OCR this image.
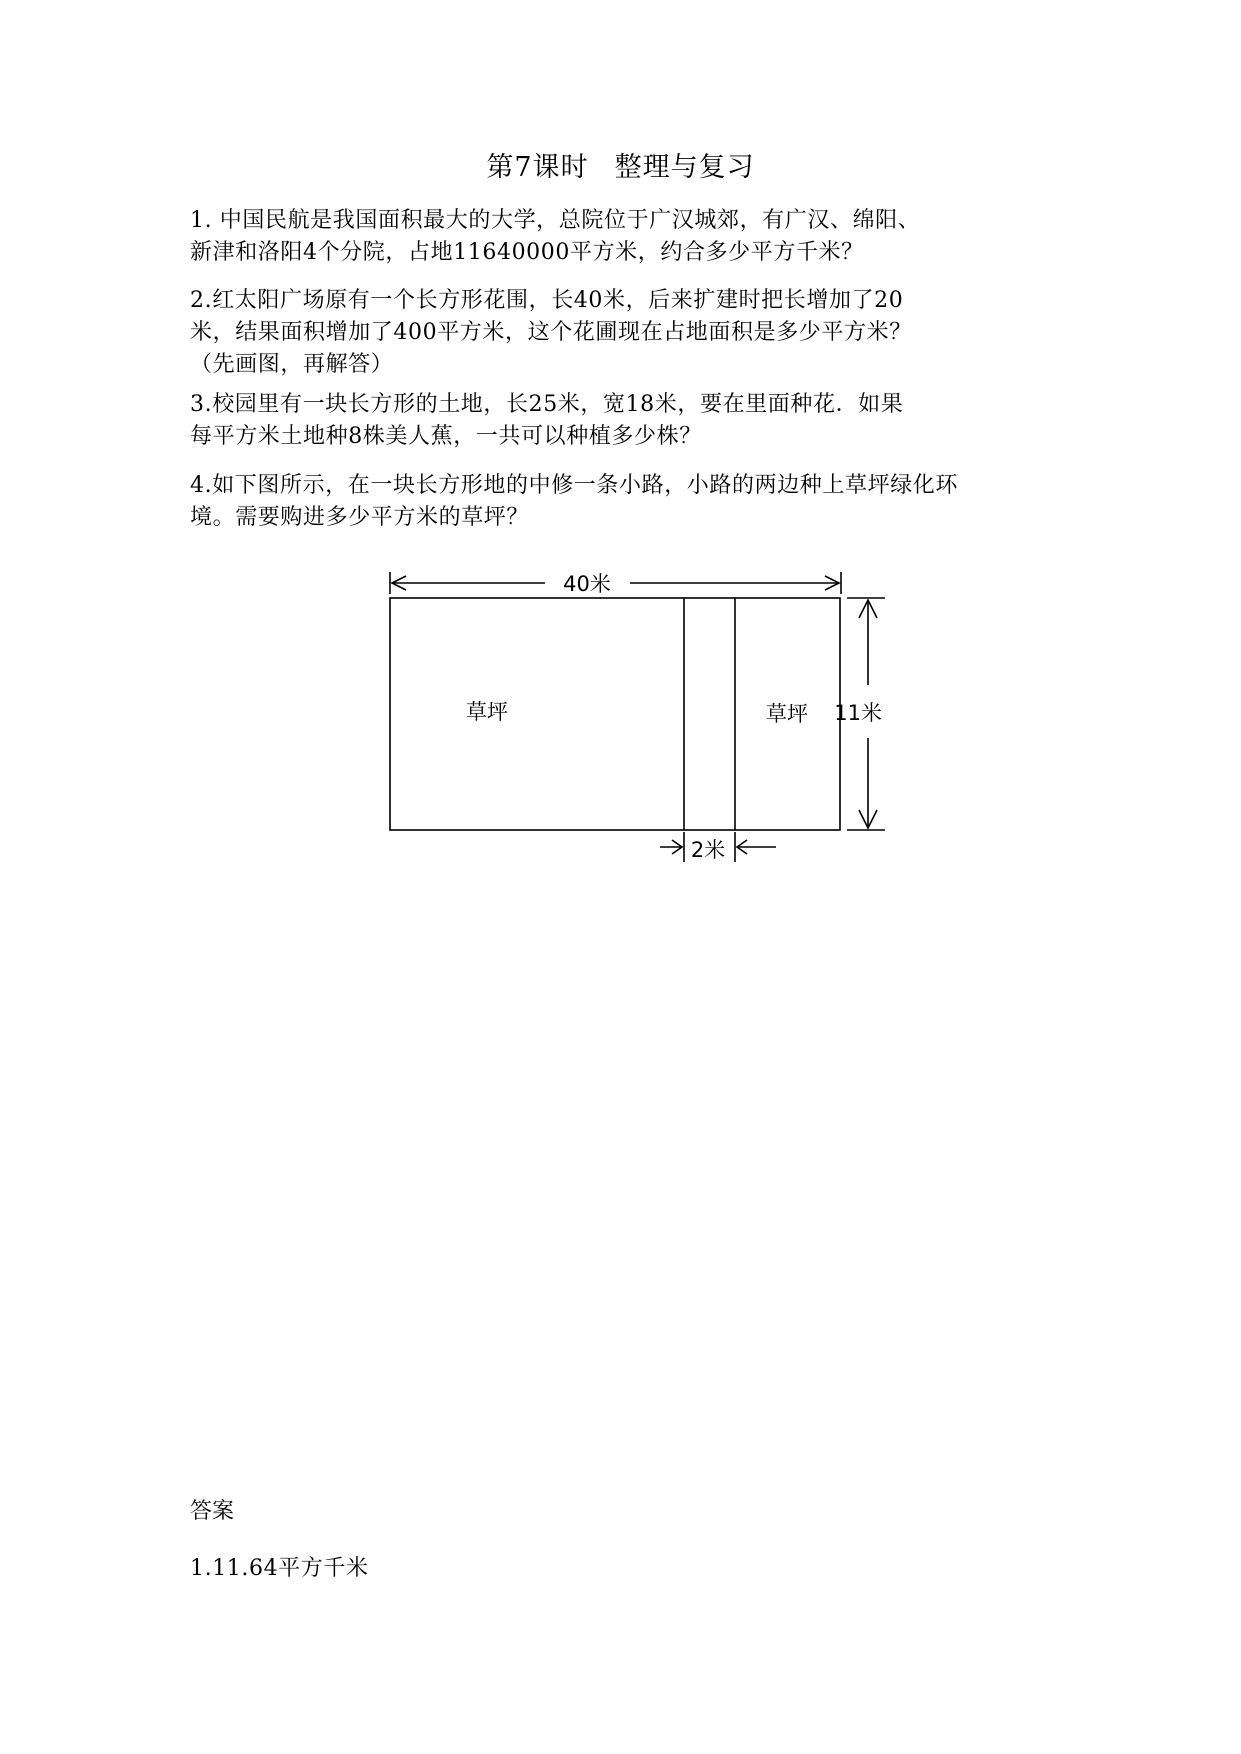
第7课时 整理与复习

1. 中国民航是我国面积最大的大学，总院位于广汉城郊，有广汉、绵阳、

新津和洛阳4个分院，占地11640000平方米，约合多少平方千米？

2.红太阳广场原有一个长方形花围，长40米，后来扩建时把长增加了20

米，结果面积增加了400平方米，这个花圃现在占地面积是多少平方米？

（先画图，再解答）

3.校园里有一块长方形的土地，长25米，宽18米，要在里面种花．如果

每平方米土地种8株美人蕉，一共可以种植多少株？

4.如下图所示，在一块长方形地的中修一条小路，小路的两边种上草坪绿化环

境。需要购进多少平方米的草坪？

40米
11米
2米
草坪	草坪
答案
1.11.64平方千米
